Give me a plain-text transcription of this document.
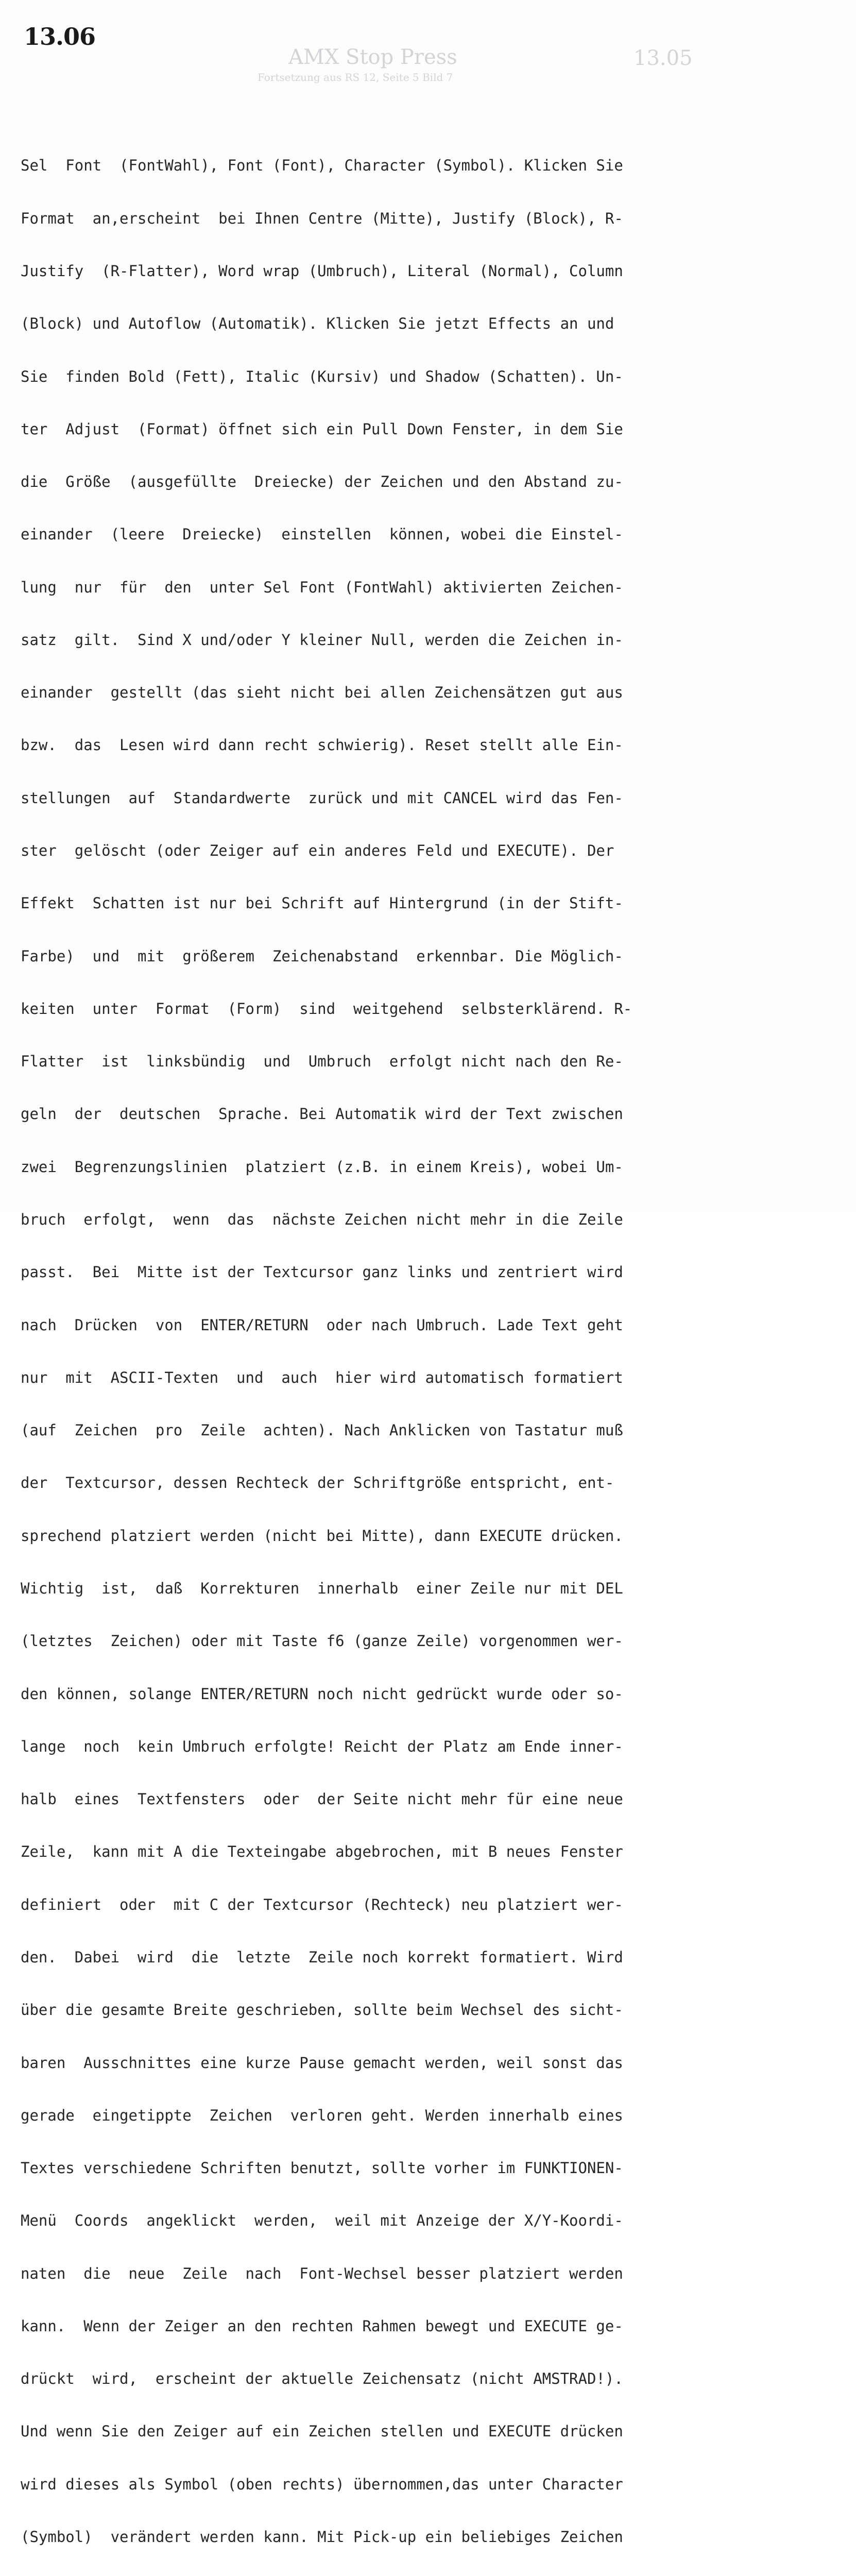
AMX Stop Press	13.05
Fortsetzung aus RS 12, Seite 5 Bild 7
13.06

Sel  Font  (FontWahl), Font (Font), Character (Symbol). Klicken Sie

Format  an,erscheint  bei Ihnen Centre (Mitte), Justify (Block), R-

Justify  (R-Flatter), Word wrap (Umbruch), Literal (Normal), Column

(Block) und Autoflow (Automatik). Klicken Sie jetzt Effects an und

Sie  finden Bold (Fett), Italic (Kursiv) und Shadow (Schatten). Un-

ter  Adjust  (Format) öffnet sich ein Pull Down Fenster, in dem Sie

die  Größe  (ausgefüllte  Dreiecke) der Zeichen und den Abstand zu-

einander  (leere  Dreiecke)  einstellen  können, wobei die Einstel-

lung  nur  für  den  unter Sel Font (FontWahl) aktivierten Zeichen-

satz  gilt.  Sind X und/oder Y kleiner Null, werden die Zeichen in-

einander  gestellt (das sieht nicht bei allen Zeichensätzen gut aus

bzw.  das  Lesen wird dann recht schwierig). Reset stellt alle Ein-

stellungen  auf  Standardwerte  zurück und mit CANCEL wird das Fen-

ster  gelöscht (oder Zeiger auf ein anderes Feld und EXECUTE). Der

Effekt  Schatten ist nur bei Schrift auf Hintergrund (in der Stift-

Farbe)  und  mit  größerem  Zeichenabstand  erkennbar. Die Möglich-

keiten  unter  Format  (Form)  sind  weitgehend  selbsterklärend. R-

Flatter  ist  linksbündig  und  Umbruch  erfolgt nicht nach den Re-

geln  der  deutschen  Sprache. Bei Automatik wird der Text zwischen

zwei  Begrenzungslinien  platziert (z.B. in einem Kreis), wobei Um-

bruch  erfolgt,  wenn  das  nächste Zeichen nicht mehr in die Zeile

passt.  Bei  Mitte ist der Textcursor ganz links und zentriert wird

nach  Drücken  von  ENTER/RETURN  oder nach Umbruch. Lade Text geht

nur  mit  ASCII-Texten  und  auch  hier wird automatisch formatiert

(auf  Zeichen  pro  Zeile  achten). Nach Anklicken von Tastatur muß

der  Textcursor, dessen Rechteck der Schriftgröße entspricht, ent-

sprechend platziert werden (nicht bei Mitte), dann EXECUTE drücken.

Wichtig  ist,  daß  Korrekturen  innerhalb  einer Zeile nur mit DEL

(letztes  Zeichen) oder mit Taste f6 (ganze Zeile) vorgenommen wer-

den können, solange ENTER/RETURN noch nicht gedrückt wurde oder so-

lange  noch  kein Umbruch erfolgte! Reicht der Platz am Ende inner-

halb  eines  Textfensters  oder  der Seite nicht mehr für eine neue

Zeile,  kann mit A die Texteingabe abgebrochen, mit B neues Fenster

definiert  oder  mit C der Textcursor (Rechteck) neu platziert wer-

den.  Dabei  wird  die  letzte  Zeile noch korrekt formatiert. Wird

über die gesamte Breite geschrieben, sollte beim Wechsel des sicht-

baren  Ausschnittes eine kurze Pause gemacht werden, weil sonst das

gerade  eingetippte  Zeichen  verloren geht. Werden innerhalb eines

Textes verschiedene Schriften benutzt, sollte vorher im FUNKTIONEN-

Menü  Coords  angeklickt  werden,  weil mit Anzeige der X/Y-Koordi-

naten  die  neue  Zeile  nach  Font-Wechsel besser platziert werden

kann.  Wenn der Zeiger an den rechten Rahmen bewegt und EXECUTE ge-

drückt  wird,  erscheint der aktuelle Zeichensatz (nicht AMSTRAD!).

Und wenn Sie den Zeiger auf ein Zeichen stellen und EXECUTE drücken

wird dieses als Symbol (oben rechts) übernommen,das unter Character

(Symbol)  verändert werden kann. Mit Pick-up ein beliebiges Zeichen
